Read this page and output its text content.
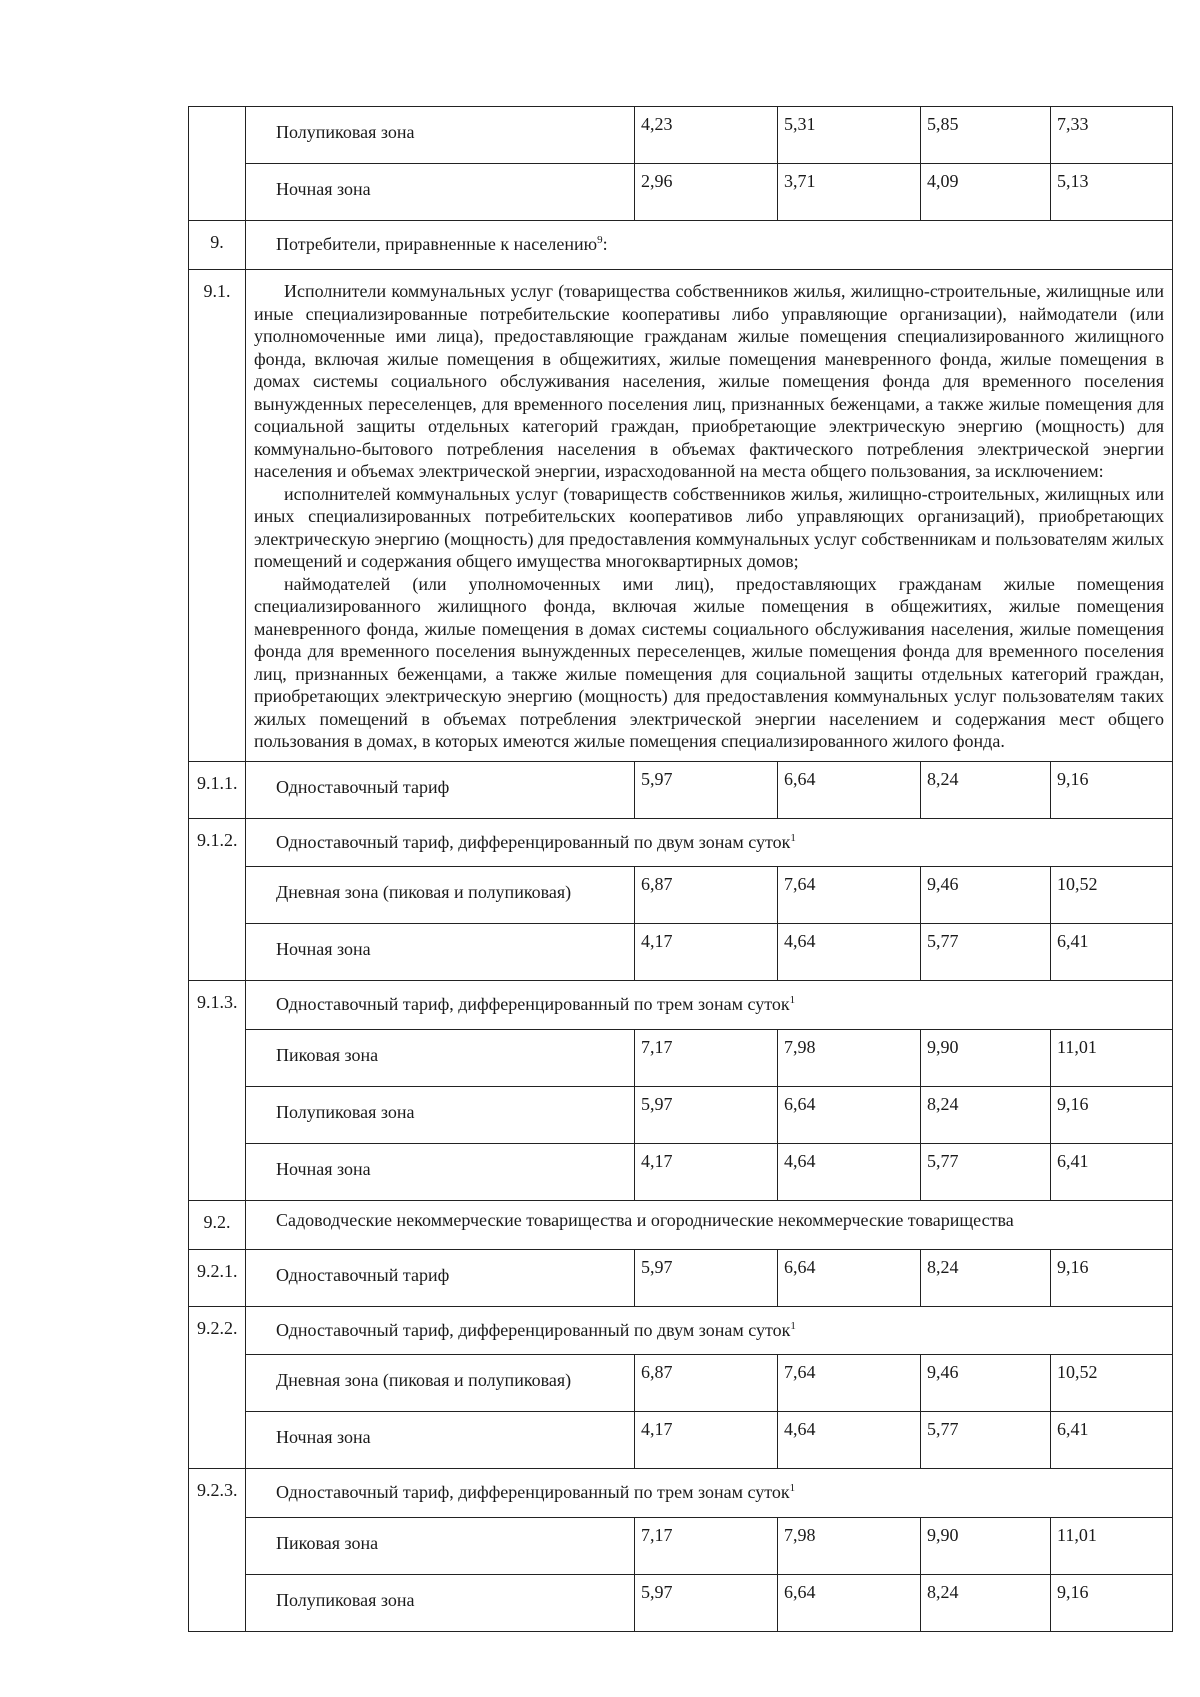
	Полупиковая зона	4,23	5,31	5,85	7,33
	Ночная зона	2,96	3,71	4,09	5,13
9.	Потребители, приравненные к населению$^9$:				
9.1.	Исполнители коммунальных услуг (товарищества собственников жилья, жилищно-строительные, жилищные или иные специализированные потребительские кооперативы либо управляющие организации), наймодатели (или уполномоченные ими лица), предоставляющие гражданам жилые помещения специализированного жилищного фонда, включая жилые помещения в общежитиях, жилые помещения маневренного фонда, жилые помещения в домах системы социального обслуживания населения, жилые помещения фонда для временного поселения вынужденных переселенцев, для временного поселения лиц, признанных беженцами, а также жилые помещения для социальной защиты отдельных категорий граждан, приобретающие электрическую энергию (мощность) для коммунально-бытового потребления населения в объемах фактического потребления электрической энергии населения и объемах электрической энергии, израсходованной на места общего пользования, за исключением:

исполнителей коммунальных услуг (товариществ собственников жилья, жилищно-строительных, жилищных или иных специализированных потребительских кооперативов либо управляющих организаций), приобретающих электрическую энергию (мощность) для предоставления коммунальных услуг собственникам и пользователям жилых помещений и содержания общего имущества многоквартирных домов;

наймодателей (или уполномоченных ими лиц), предоставляющих гражданам жилые помещения специализированного жилищного фонда, включая жилые помещения в общежитиях, жилые помещения маневренного фонда, жилые помещения в домах системы социального обслуживания населения, жилые помещения фонда для временного поселения вынужденных переселенцев, жилые помещения фонда для временного поселения лиц, признанных беженцами, а также жилые помещения для социальной защиты отдельных категорий граждан, приобретающих электрическую энергию (мощность) для предоставления коммунальных услуг пользователям таких жилых помещений в объемах потребления электрической энергии населением и содержания мест общего пользования в домах, в которых имеются жилые помещения специализированного жилого фонда.				

9.1.1.	Одноставочный тариф	5,97	6,64	8,24	9,16
9.1.2.	Одноставочный тариф, дифференцированный по двум зонам суток$^1$
	Дневная зона (пиковая и полупиковая)	6,87	7,64	9,46	10,52
	Ночная зона	4,17	4,64	5,77	6,41
9.1.3.	Одноставочный тариф, дифференцированный по трем зонам суток$^1$
	Пиковая зона	7,17	7,98	9,90	11,01
	Полупиковая зона	5,97	6,64	8,24	9,16
	Ночная зона	4,17	4,64	5,77	6,41
9.2.	Садоводческие некоммерческие товарищества и огороднические некоммерческие товарищества				
9.2.1.	Одноставочный тариф	5,97	6,64	8,24	9,16
9.2.2.	Одноставочный тариф, дифференцированный по двум зонам суток$^1$
	Дневная зона (пиковая и полупиковая)	6,87	7,64	9,46	10,52
	Ночная зона	4,17	4,64	5,77	6,41
9.2.3.	Одноставочный тариф, дифференцированный по трем зонам суток$^1$
	Пиковая зона	7,17	7,98	9,90	11,01
	Полупиковая зона	5,97	6,64	8,24	9,16
